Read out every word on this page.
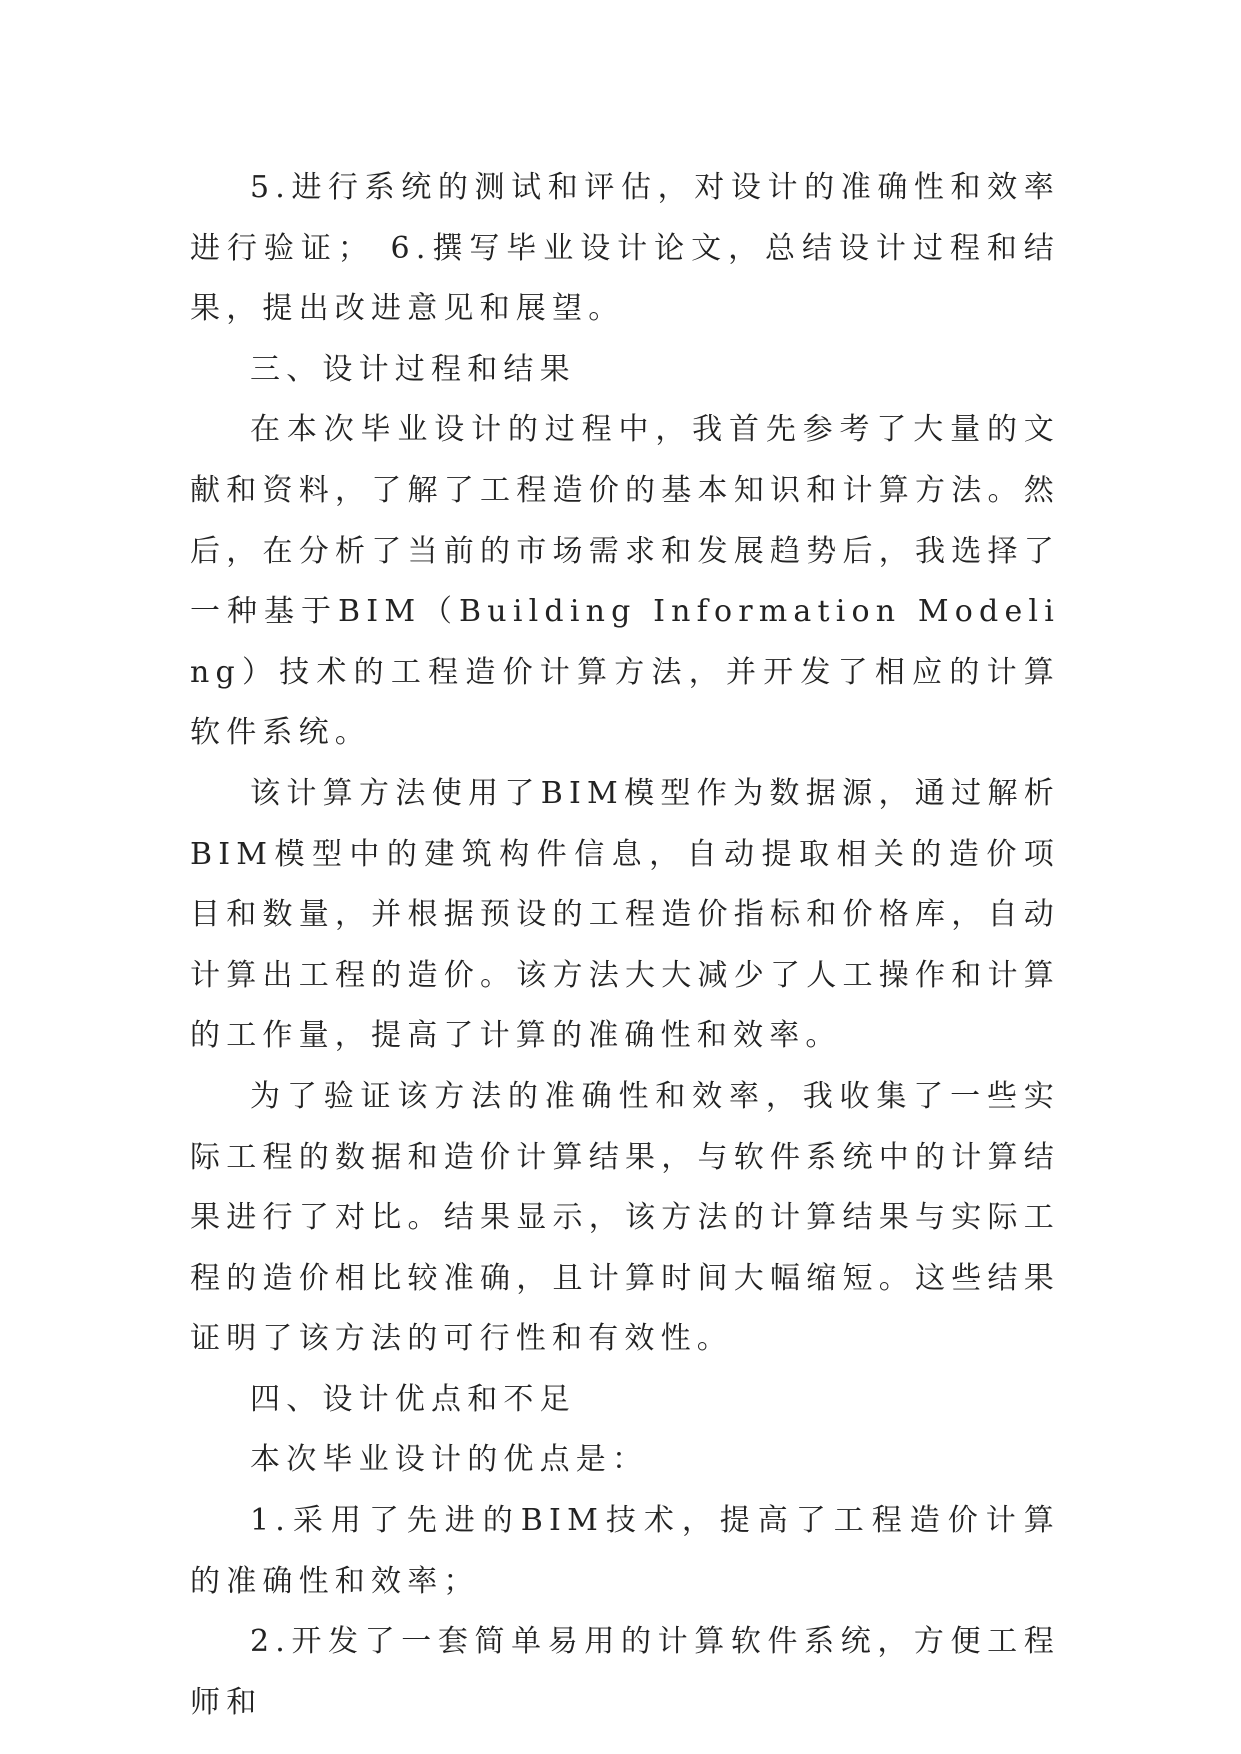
5.进行系统的测试和评估，对设计的准确性和效率进行验证； 6.撰写毕业设计论文，总结设计过程和结果，提出改进意见和展望。

三、设计过程和结果

在本次毕业设计的过程中，我首先参考了大量的文献和资料，了解了工程造价的基本知识和计算方法。然后，在分析了当前的市场需求和发展趋势后，我选择了一种基于BIM（Building Information Modeling）技术的工程造价计算方法，并开发了相应的计算软件系统。

该计算方法使用了BIM模型作为数据源，通过解析BIM模型中的建筑构件信息，自动提取相关的造价项目和数量，并根据预设的工程造价指标和价格库，自动计算出工程的造价。该方法大大减少了人工操作和计算的工作量，提高了计算的准确性和效率。

为了验证该方法的准确性和效率，我收集了一些实际工程的数据和造价计算结果，与软件系统中的计算结果进行了对比。结果显示，该方法的计算结果与实际工程的造价相比较准确，且计算时间大幅缩短。这些结果证明了该方法的可行性和有效性。

四、设计优点和不足

本次毕业设计的优点是：

1.采用了先进的BIM技术，提高了工程造价计算的准确性和效率；

2.开发了一套简单易用的计算软件系统，方便工程师和
